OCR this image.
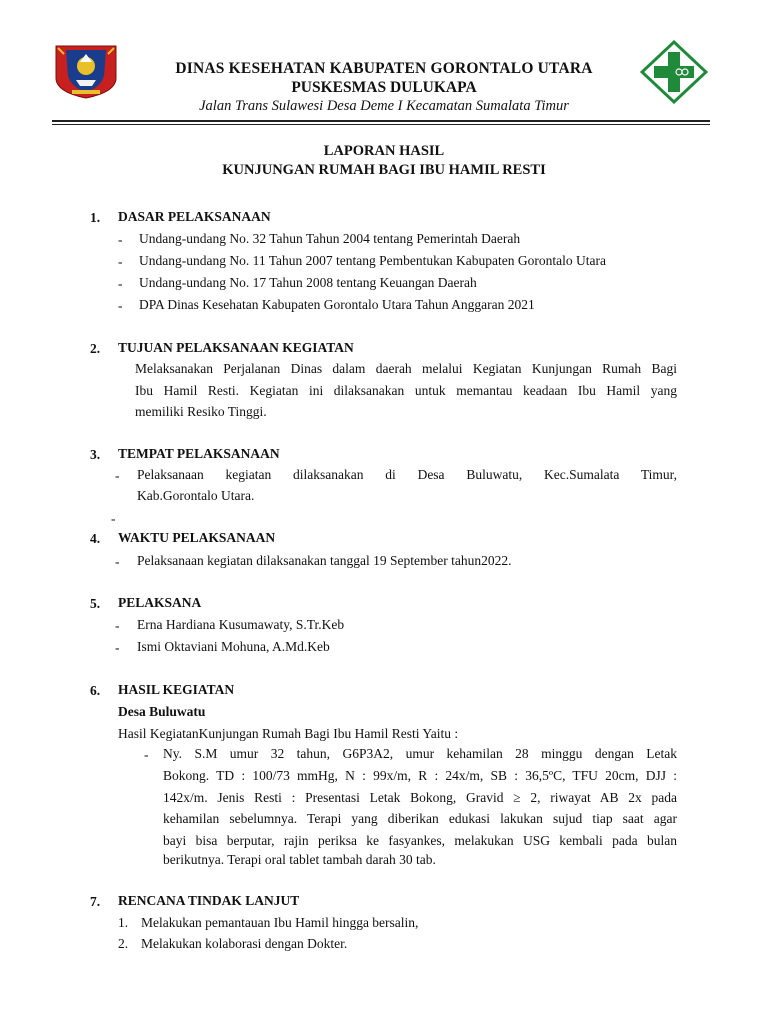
DINAS KESEHATAN KABUPATEN GORONTALO UTARA
PUSKESMAS DULUKAPA
Jalan Trans Sulawesi Desa Deme I Kecamatan Sumalata Timur
LAPORAN HASIL
KUNJUNGAN RUMAH BAGI IBU HAMIL RESTI
1. DASAR PELAKSANAAN
- Undang-undang No. 32 Tahun Tahun 2004 tentang Pemerintah Daerah
- Undang-undang No. 11 Tahun 2007 tentang Pembentukan Kabupaten Gorontalo Utara
- Undang-undang No. 17 Tahun 2008 tentang Keuangan Daerah
- DPA Dinas Kesehatan Kabupaten Gorontalo Utara Tahun Anggaran 2021
2. TUJUAN PELAKSANAAN KEGIATAN
Melaksanakan Perjalanan Dinas dalam daerah melalui Kegiatan Kunjungan Rumah Bagi
Ibu Hamil Resti. Kegiatan ini dilaksanakan untuk memantau keadaan Ibu Hamil yang
memiliki Resiko Tinggi.
3. TEMPAT PELAKSANAAN
- Pelaksanaan kegiatan dilaksanakan di Desa Buluwatu, Kec.Sumalata Timur,
Kab.Gorontalo Utara.
-
4. WAKTU PELAKSANAAN
- Pelaksanaan kegiatan dilaksanakan tanggal 19 September tahun2022.
5. PELAKSANA
- Erna Hardiana Kusumawaty, S.Tr.Keb
- Ismi Oktaviani Mohuna, A.Md.Keb
6. HASIL KEGIATAN
Desa Buluwatu
Hasil KegiatanKunjungan Rumah Bagi Ibu Hamil Resti Yaitu :
- Ny. S.M umur 32 tahun, G6P3A2, umur kehamilan 28 minggu dengan Letak
Bokong. TD : 100/73 mmHg, N : 99x/m, R : 24x/m, SB : 36,5ºC, TFU 20cm, DJJ :
142x/m. Jenis Resti : Presentasi Letak Bokong, Gravid ≥ 2, riwayat AB 2x pada
kehamilan sebelumnya. Terapi yang diberikan edukasi lakukan sujud tiap saat agar
bayi bisa berputar, rajin periksa ke fasyankes, melakukan USG kembali pada bulan
berikutnya. Terapi oral tablet tambah darah 30 tab.
7. RENCANA TINDAK LANJUT
1. Melakukan pemantauan Ibu Hamil hingga bersalin,
2. Melakukan kolaborasi dengan Dokter.
